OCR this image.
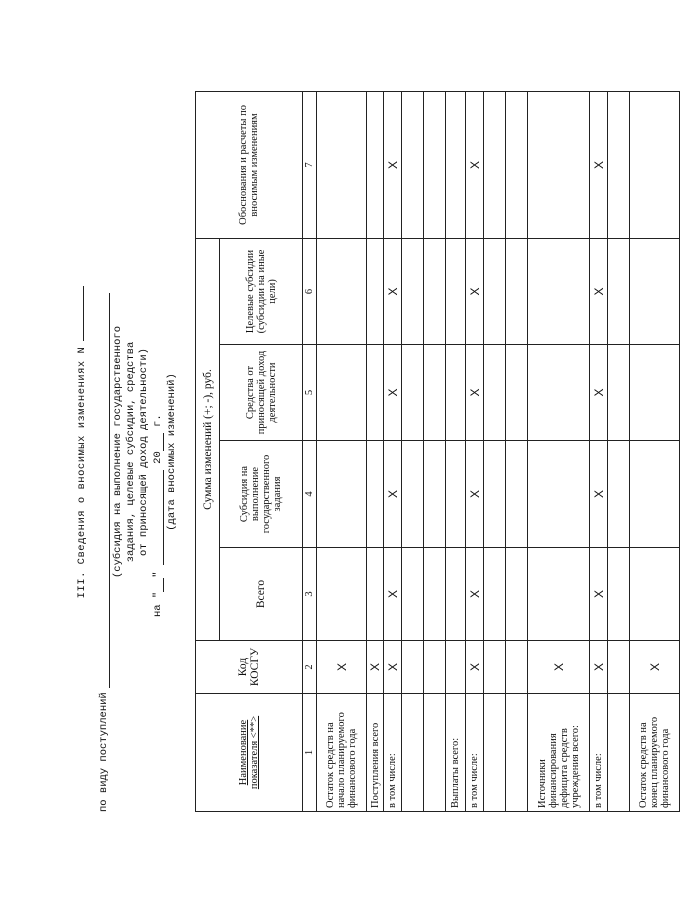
III. Сведения о вносимых изменениях N
по виду поступлений
(субсидия на выполнение государственного задания, целевые субсидии, средства от приносящей доход деятельности)
на ""  20 г. (дата вносимых изменений)
Наименование показателя <**>	Код КОСГУ	Сумма изменений (+; -), руб.				Обоснования и расчеты по вносимым изменениям
		Всего	Субсидия на выполнение государственного задания	Средства от приносящей доход деятельности	Целевые субсидии (субсидии на иные цели)	
1	2	3	4	5	6	7
Остаток средств на начало планируемого финансового года	X					
Поступления всего	X					
в том числе:	X	X	X	X	X	X

Выплаты всего:						
в том числе:	X	X	X	X	X	X

Источники финансирования дефицита средств учреждения всего:	X					
в том числе:	X	X	X	X	X	X

Остаток средств на конец планируемого финансового года	X					
